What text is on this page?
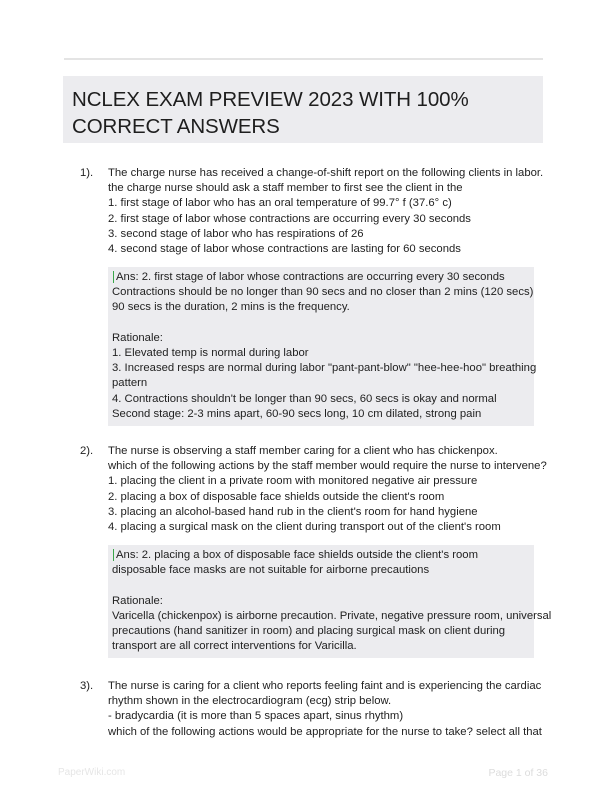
NCLEX EXAM PREVIEW 2023 WITH 100%
CORRECT ANSWERS
1). The charge nurse has received a change-of-shift report on the following clients in labor.
the charge nurse should ask a staff member to first see the client in the
1. first stage of labor who has an oral temperature of 99.7° f (37.6° c)
2. first stage of labor whose contractions are occurring every 30 seconds
3. second stage of labor who has respirations of 26
4. second stage of labor whose contractions are lasting for 60 seconds
Ans: 2. first stage of labor whose contractions are occurring every 30 seconds
Contractions should be no longer than 90 secs and no closer than 2 mins (120 secs)
90 secs is the duration, 2 mins is the frequency.
Rationale:
1. Elevated temp is normal during labor
3. Increased resps are normal during labor "pant-pant-blow" "hee-hee-hoo" breathing
pattern
4. Contractions shouldn't be longer than 90 secs, 60 secs is okay and normal
Second stage: 2-3 mins apart, 60-90 secs long, 10 cm dilated, strong pain
2). The nurse is observing a staff member caring for a client who has chickenpox.
which of the following actions by the staff member would require the nurse to intervene?
1. placing the client in a private room with monitored negative air pressure
2. placing a box of disposable face shields outside the client's room
3. placing an alcohol-based hand rub in the client's room for hand hygiene
4. placing a surgical mask on the client during transport out of the client's room
Ans: 2. placing a box of disposable face shields outside the client's room
disposable face masks are not suitable for airborne precautions
Rationale:
Varicella (chickenpox) is airborne precaution. Private, negative pressure room, universal
precautions (hand sanitizer in room) and placing surgical mask on client during
transport are all correct interventions for Varicilla.
3). The nurse is caring for a client who reports feeling faint and is experiencing the cardiac
rhythm shown in the electrocardiogram (ecg) strip below.
- bradycardia (it is more than 5 spaces apart, sinus rhythm)
which of the following actions would be appropriate for the nurse to take? select all that
PaperWiki.com	Page 1 of 36
